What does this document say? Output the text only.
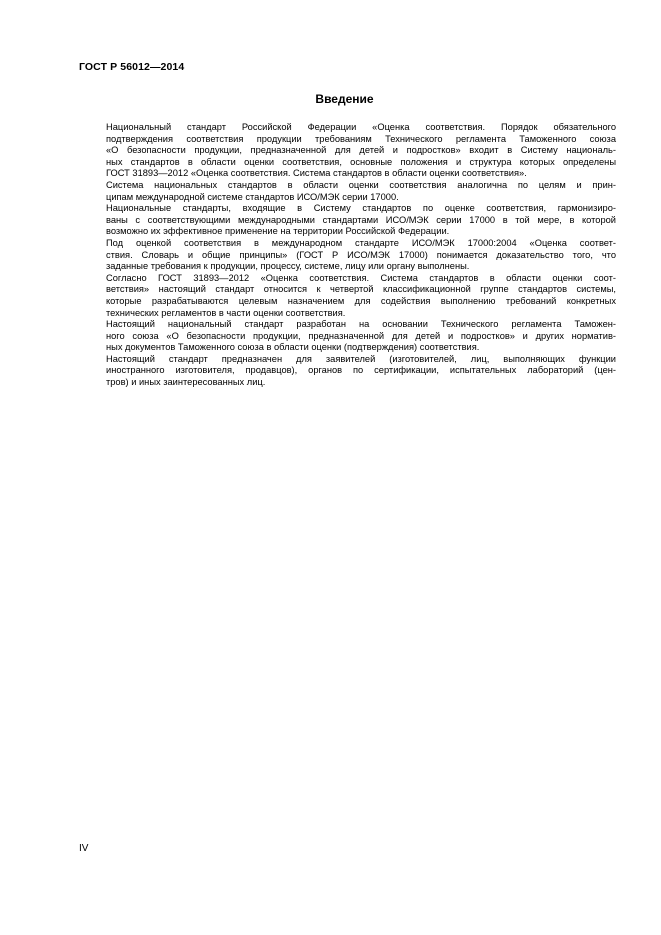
ГОСТ Р 56012—2014
Введение

Национальный стандарт Российской Федерации «Оценка соответствия. Порядок обязательного
подтверждения соответствия продукции требованиям Технического регламента Таможенного союза
«О безопасности продукции, предназначенной для детей и подростков» входит в Систему националь-
ных стандартов в области оценки соответствия, основные положения и структура которых определены
ГОСТ 31893—2012 «Оценка соответствия. Система стандартов в области оценки соответствия».

Система национальных стандартов в области оценки соответствия аналогична по целям и прин-
ципам международной системе стандартов ИСО/МЭК серии 17000.

Национальные стандарты, входящие в Систему стандартов по оценке соответствия, гармонизиро-
ваны с соответствующими международными стандартами ИСО/МЭК серии 17000 в той мере, в которой
возможно их эффективное применение на территории Российской Федерации.

Под оценкой соответствия в международном стандарте ИСО/МЭК 17000:2004 «Оценка соответ-
ствия. Словарь и общие принципы» (ГОСТ Р ИСО/МЭК 17000) понимается доказательство того, что
заданные требования к продукции, процессу, системе, лицу или органу выполнены.

Согласно ГОСТ 31893—2012 «Оценка соответствия. Система стандартов в области оценки соот-
ветствия» настоящий стандарт относится к четвертой классификационной группе стандартов системы,
которые разрабатываются целевым назначением для содействия выполнению требований конкретных
технических регламентов в части оценки соответствия.

Настоящий национальный стандарт разработан на основании Технического регламента Таможен-
ного союза «О безопасности продукции, предназначенной для детей и подростков» и других норматив-
ных документов Таможенного союза в области оценки (подтверждения) соответствия.

Настоящий стандарт предназначен для заявителей (изготовителей, лиц, выполняющих функции
иностранного изготовителя, продавцов), органов по сертификации, испытательных лабораторий (цен-
тров) и иных заинтересованных лиц.

IV
